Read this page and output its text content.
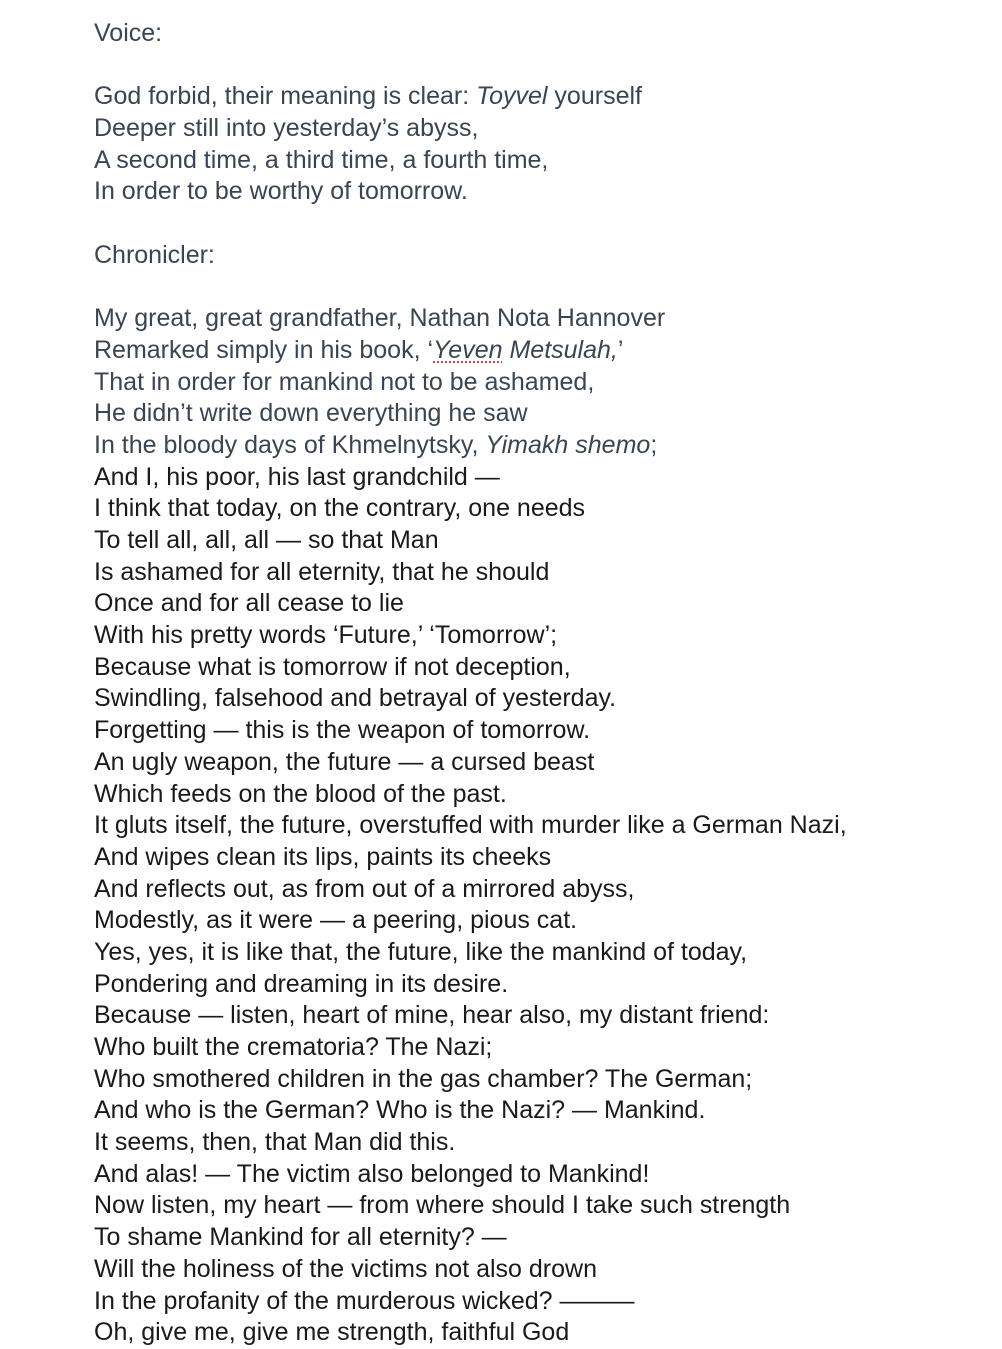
Voice:
God forbid, their meaning is clear: Toyvel yourself
Deeper still into yesterday’s abyss,
A second time, a third time, a fourth time,
In order to be worthy of tomorrow.
Chronicler:
My great, great grandfather, Nathan Nota Hannover
Remarked simply in his book, ‘Yeven Metsulah,’
That in order for mankind not to be ashamed,
He didn’t write down everything he saw
In the bloody days of Khmelnytsky, Yimakh shemo;
And I, his poor, his last grandchild —
I think that today, on the contrary, one needs
To tell all, all, all — so that Man
Is ashamed for all eternity, that he should
Once and for all cease to lie
With his pretty words ‘Future,’ ‘Tomorrow’;
Because what is tomorrow if not deception,
Swindling, falsehood and betrayal of yesterday.
Forgetting — this is the weapon of tomorrow.
An ugly weapon, the future — a cursed beast
Which feeds on the blood of the past.
It gluts itself, the future, overstuffed with murder like a German Nazi,
And wipes clean its lips, paints its cheeks
And reflects out, as from out of a mirrored abyss,
Modestly, as it were — a peering, pious cat.
Yes, yes, it is like that, the future, like the mankind of today,
Pondering and dreaming in its desire.
Because — listen, heart of mine, hear also, my distant friend:
Who built the crematoria? The Nazi;
Who smothered children in the gas chamber? The German;
And who is the German? Who is the Nazi? — Mankind.
It seems, then, that Man did this.
And alas! — The victim also belonged to Mankind!
Now listen, my heart — from where should I take such strength
To shame Mankind for all eternity? —
Will the holiness of the victims not also drown
In the profanity of the murderous wicked? ———
Oh, give me, give me strength, faithful God
